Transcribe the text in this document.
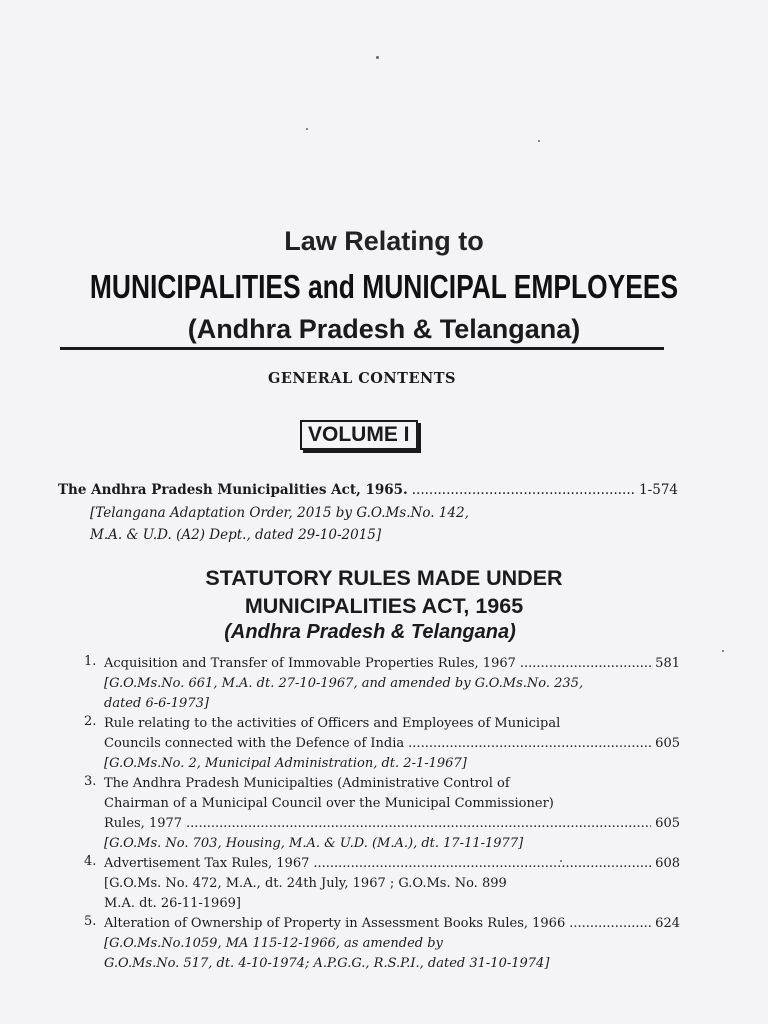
Law Relating to
MUNICIPALITIES and MUNICIPAL EMPLOYEES
(Andhra Pradesh & Telangana)
GENERAL CONTENTS
VOLUME I
The Andhra Pradesh Municipalities Act, 1965. .....	1-574
[Telangana Adaptation Order, 2015 by G.O.Ms.No. 142,
M.A. & U.D. (A2) Dept., dated 29-10-2015]
STATUTORY RULES MADE UNDER
MUNICIPALITIES ACT, 1965
(Andhra Pradesh & Telangana)
1. Acquisition and Transfer of Immovable Properties Rules, 1967 .....	581
[G.O.Ms.No. 661, M.A. dt. 27-10-1967, and amended by G.O.Ms.No. 235,
dated 6-6-1973]
2. Rule relating to the activities of Officers and Employees of Municipal
Councils connected with the Defence of India .....	605
[G.O.Ms.No. 2, Municipal Administration, dt. 2-1-1967]
3. The Andhra Pradesh Municipalties (Administrative Control of
Chairman of a Municipal Council over the Municipal Commissioner)
Rules, 1977 .....	605
[G.O.Ms. No. 703, Housing, M.A. & U.D. (M.A.), dt. 17-11-1977]
4. Advertisement Tax Rules, 1967 .....	608
[G.O.Ms. No. 472, M.A., dt. 24th July, 1967 ; G.O.Ms. No. 899
M.A. dt. 26-11-1969]
5. Alteration of Ownership of Property in Assessment Books Rules, 1966 .....	624
[G.O.Ms.No.1059, MA 115-12-1966, as amended by
G.O.Ms.No. 517, dt. 4-10-1974; A.P.G.G., R.S.P.I., dated 31-10-1974]
